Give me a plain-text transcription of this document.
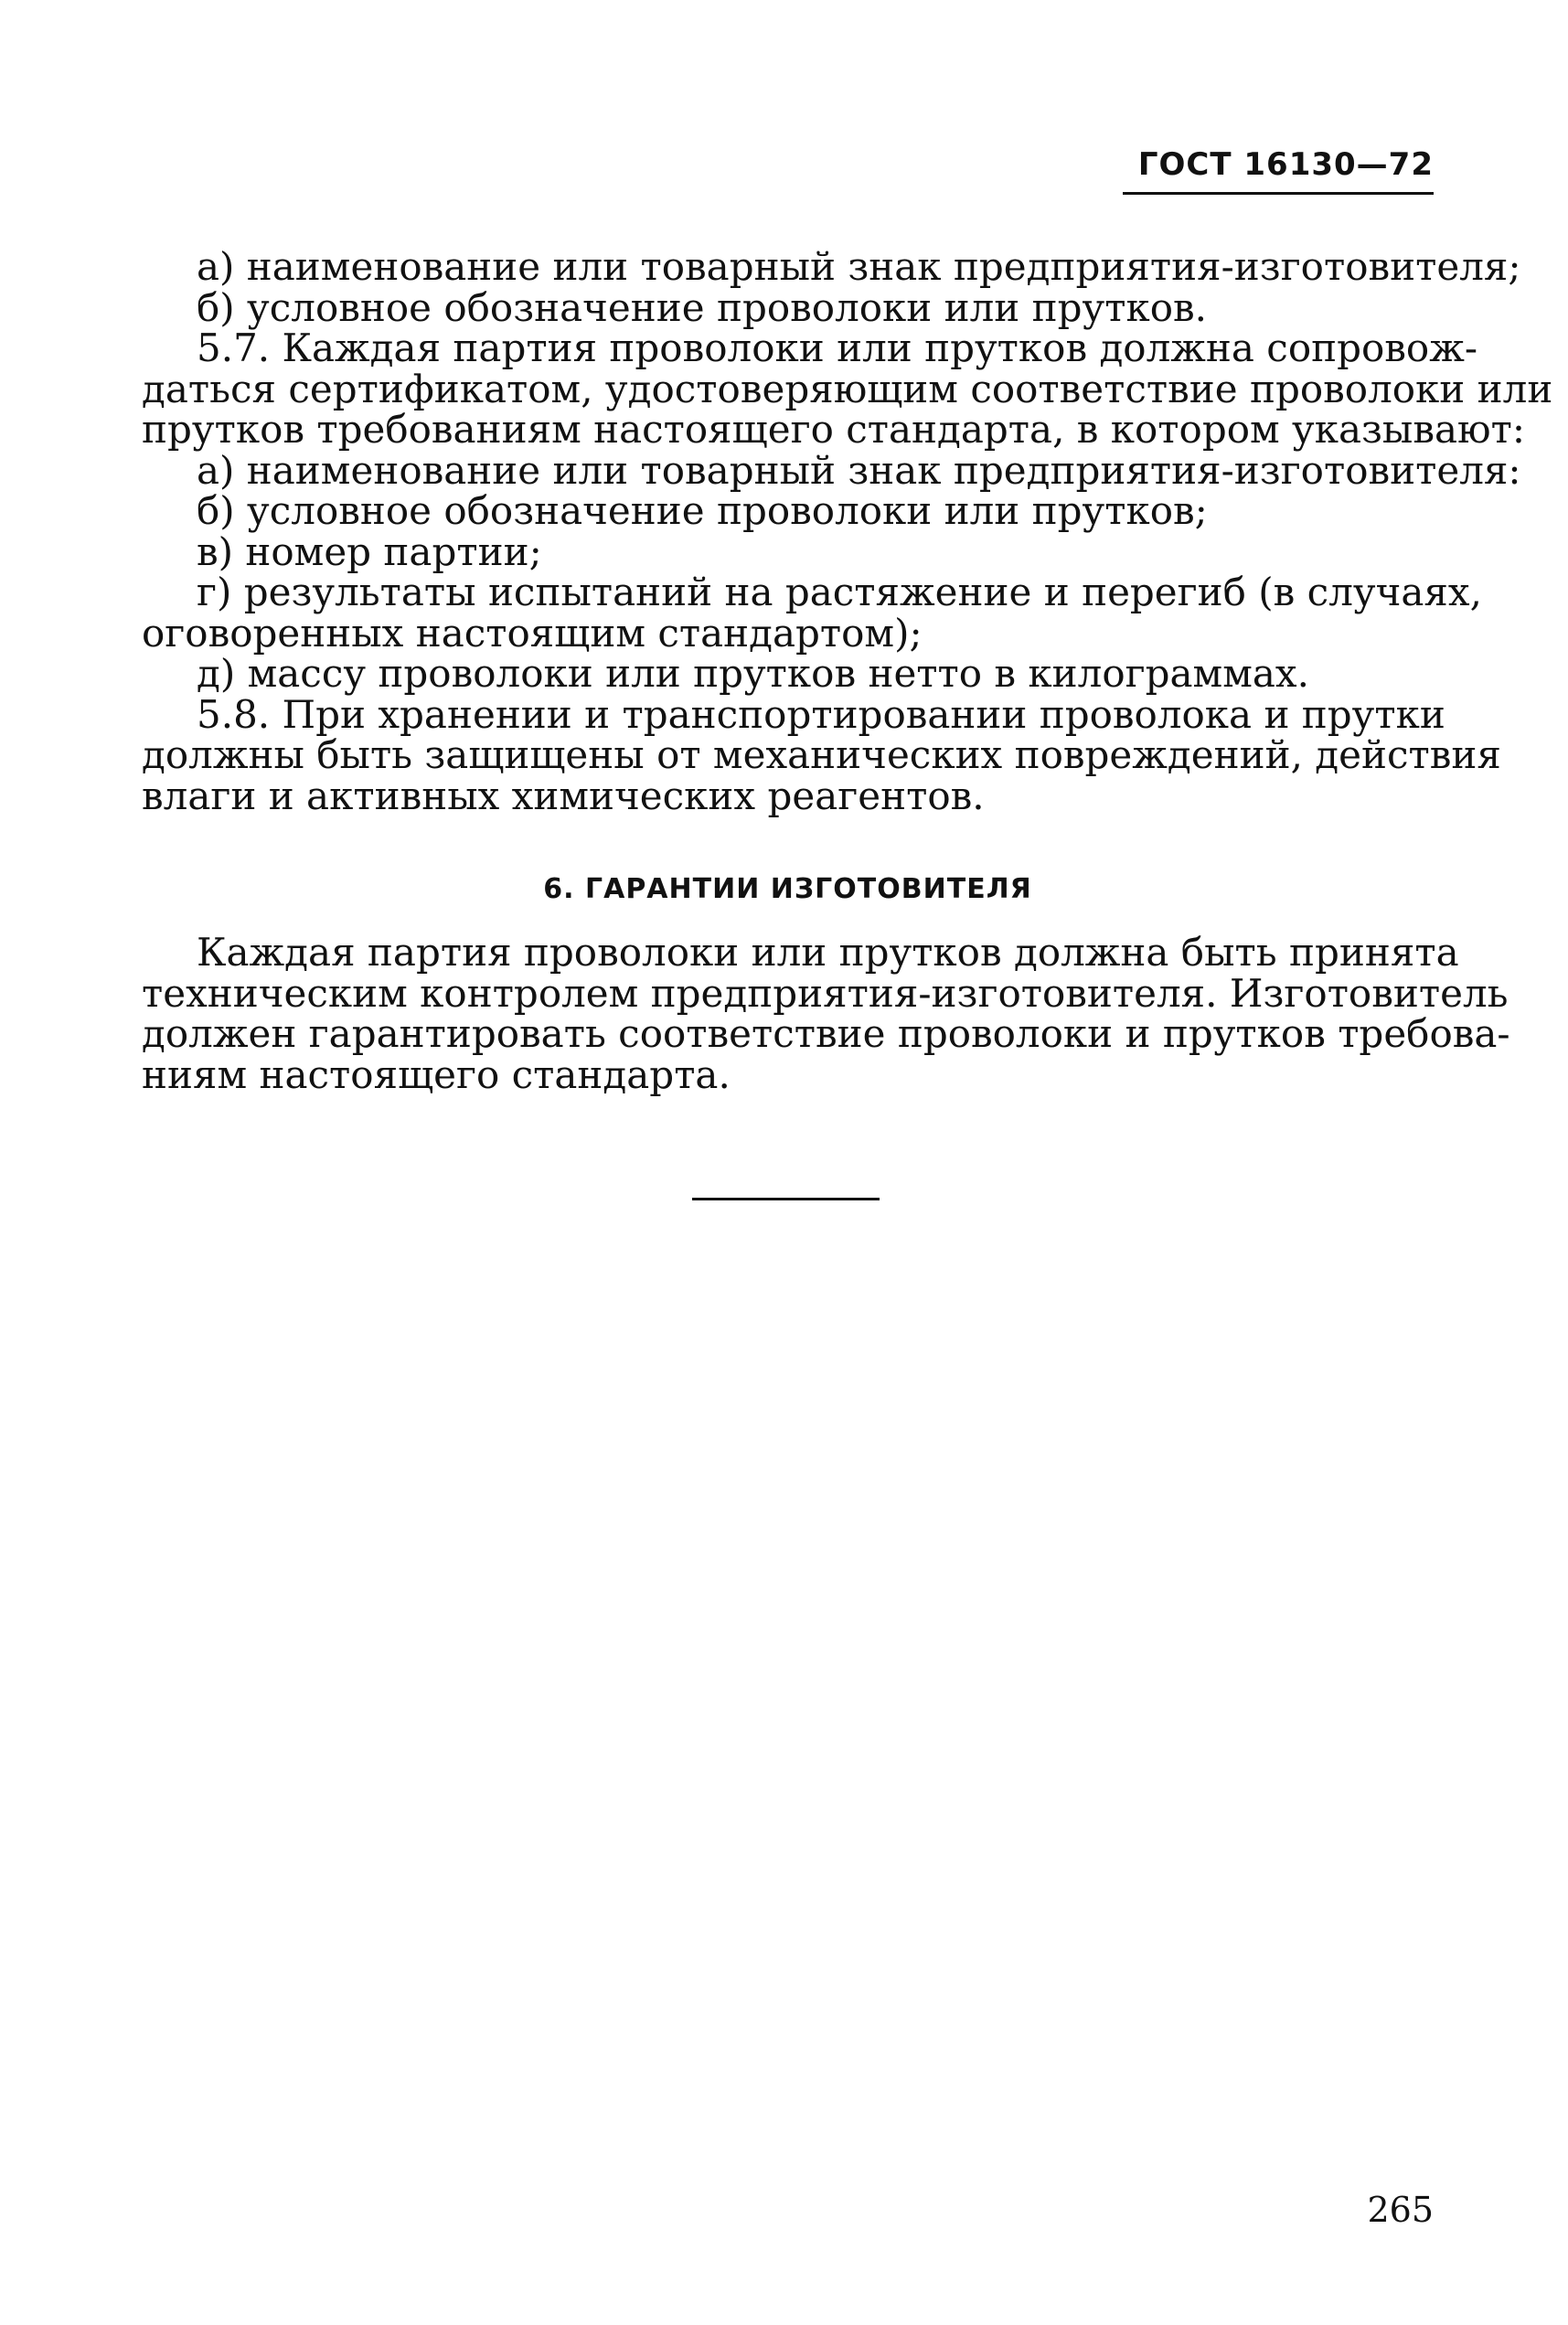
ГОСТ 16130—72
а) наименование или товарный знак предприятия-изготовителя;
б) условное обозначение проволоки или прутков.
5.7. Каждая партия проволоки или прутков должна сопровож-
даться сертификатом, удостоверяющим соответствие проволоки или
прутков требованиям настоящего стандарта, в котором указывают:
а) наименование или товарный знак предприятия-изготовителя:
б) условное обозначение проволоки или прутков;
в) номер партии;
г) результаты испытаний на растяжение и перегиб (в случаях,
оговоренных настоящим стандартом);
д) массу проволоки или прутков нетто в килограммах.
5.8. При хранении и транспортировании проволока и прутки
должны быть защищены от механических повреждений, действия
влаги и активных химических реагентов.
6. ГАРАНТИИ ИЗГОТОВИТЕЛЯ
Каждая партия проволоки или прутков должна быть принята
техническим контролем предприятия-изготовителя. Изготовитель
должен гарантировать соответствие проволоки и прутков требова-
ниям настоящего стандарта.
265
